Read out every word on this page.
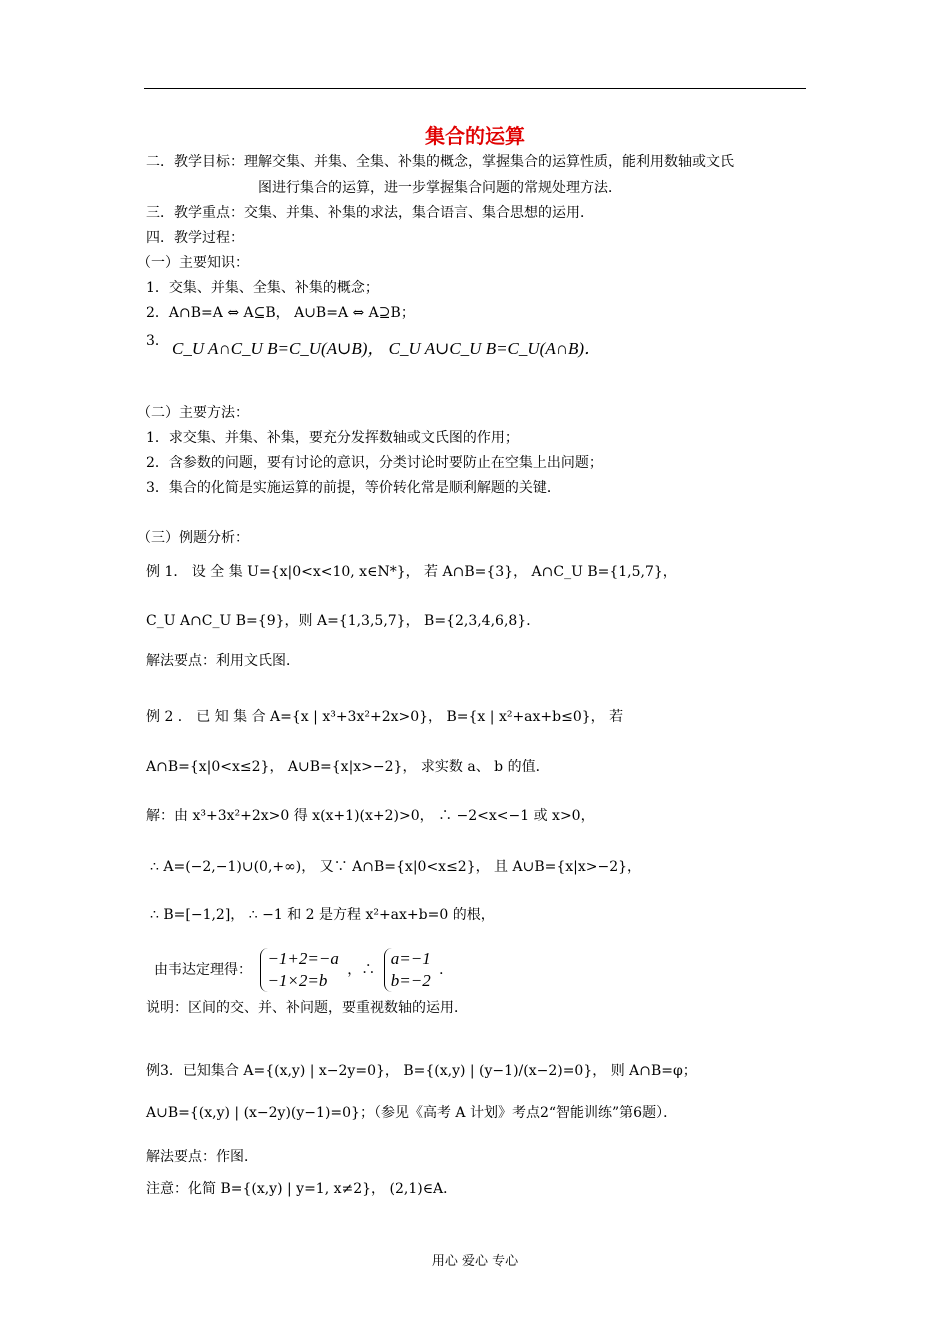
集合的运算
二．教学目标：理解交集、并集、全集、补集的概念，掌握集合的运算性质，能利用数轴或文氏
图进行集合的运算，进一步掌握集合问题的常规处理方法．
三．教学重点：交集、并集、补集的求法，集合语言、集合思想的运用．
四．教学过程：
（一）主要知识：
1．交集、并集、全集、补集的概念；
2．A∩B=A ⇔ A⊆B， A∪B=A ⇔ A⊇B；
3． C_U A∩C_U B=C_U(A∪B)， C_U A∪C_U B=C_U(A∩B)．
（二）主要方法：
1．求交集、并集、补集，要充分发挥数轴或文氏图的作用；
2．含参数的问题，要有讨论的意识，分类讨论时要防止在空集上出问题；
3．集合的化简是实施运算的前提，等价转化常是顺利解题的关键．
（三）例题分析：
例 1． 设 全 集 U={x|0<x<10, x∈N*}， 若 A∩B={3}， A∩C_U B={1,5,7}，
C_U A∩C_U B={9}，则 A={1,3,5,7}， B={2,3,4,6,8}．
解法要点：利用文氏图．
例 2 ． 已 知 集 合 A={x | x³+3x²+2x>0}， B={x | x²+ax+b≤0}， 若
A∩B={x|0<x≤2}， A∪B={x|x>−2}， 求实数 a、 b 的值．
解：由 x³+3x²+2x>0 得 x(x+1)(x+2)>0， ∴ −2<x<−1 或 x>0，
∴ A=(−2,−1)∪(0,+∞)， 又∵ A∩B={x|0<x≤2}， 且 A∪B={x|x>−2}，
∴ B=[−1,2]， ∴ −1 和 2 是方程 x²+ax+b=0 的根，
由韦达定理得：
−1+2=−a
−1×2=b
，∴
a=−1
b=−2
．
说明：区间的交、并、补问题，要重视数轴的运用．
例3．已知集合 A={(x,y) | x−2y=0}， B={(x,y) | (y−1)/(x−2)=0}， 则 A∩B=φ；
A∪B={(x,y) | (x−2y)(y−1)=0}；（参见《高考 A 计划》考点2“智能训练”第6题）．
解法要点：作图．
注意：化简 B={(x,y) | y=1, x≠2}， (2,1)∈A．
用心 爱心 专心
